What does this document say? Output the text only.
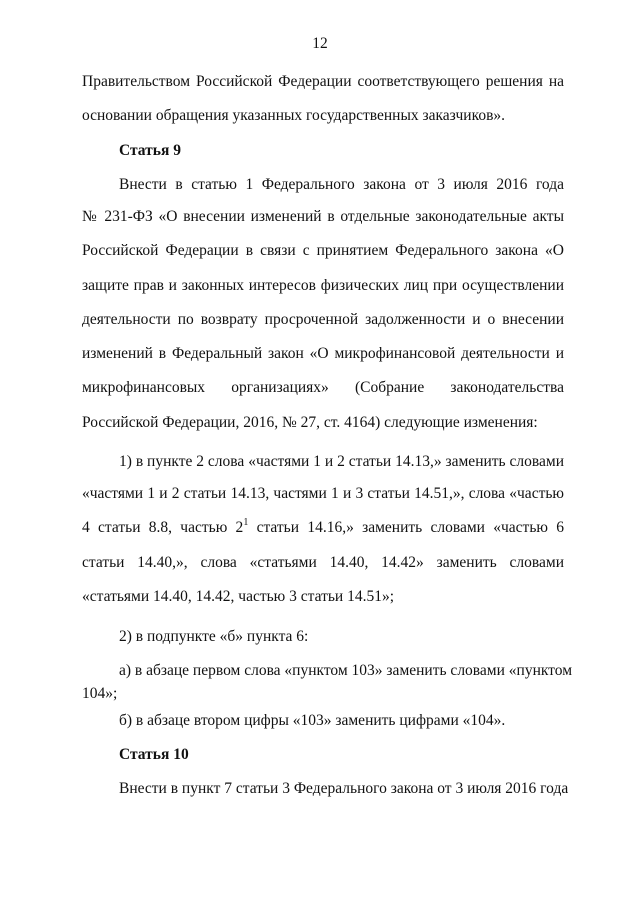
12

Правительством Российской Федерации соответствующего решения на

основании обращения указанных государственных заказчиков».

Статья 9

Внести в статью 1 Федерального закона от 3 июля 2016 года

№ 231-ФЗ «О внесении изменений в отдельные законодательные акты Российской Федерации в связи с принятием Федерального закона «О защите прав и законных интересов физических лиц при осуществлении деятельности по возврату просроченной задолженности и о внесении изменений в Федеральный закон «О микрофинансовой деятельности и микрофинансовых организациях» (Собрание законодательства Российской Федерации, 2016, № 27, ст. 4164) следующие изменения:

1) в пункте 2 слова «частями 1 и 2 статьи 14.13,» заменить словами

«частями 1 и 2 статьи 14.13, частями 1 и 3 статьи 14.51,», слова «частью 4 статьи 8.8, частью $2^1$ статьи 14.16,» заменить словами «частью 6 статьи 14.40,», слова «статьями 14.40, 14.42» заменить словами «статьями 14.40, 14.42, частью 3 статьи 14.51»;

2) в подпункте «б» пункта 6:

а) в абзаце первом слова «пунктом 103» заменить словами «пунктом

104»;

б) в абзаце втором цифры «103» заменить цифрами «104».

Статья 10

Внести в пункт 7 статьи 3 Федерального закона от 3 июля 2016 года
